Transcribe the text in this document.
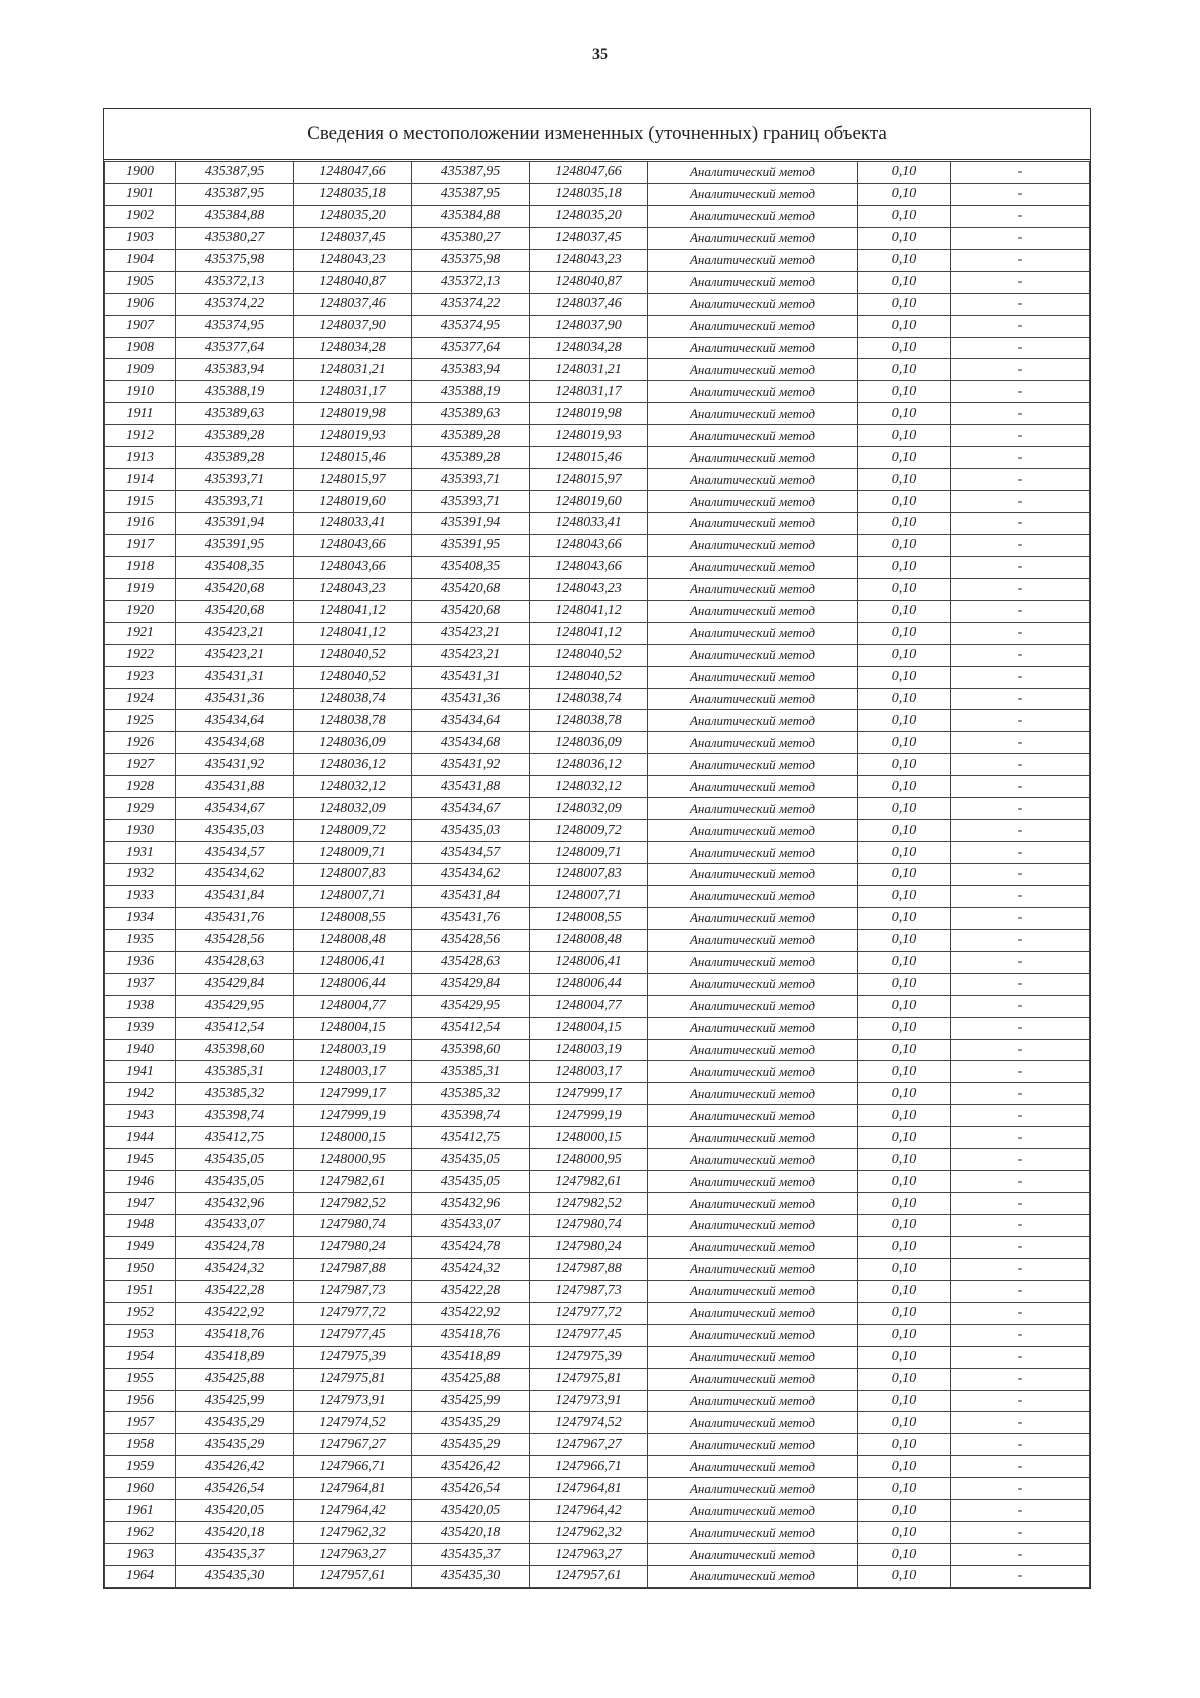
35
Сведения о местоположении измененных (уточненных) границ объекта
1900	435387,95	1248047,66	435387,95	1248047,66	Аналитический метод	0,10	-
1901	435387,95	1248035,18	435387,95	1248035,18	Аналитический метод	0,10	-
1902	435384,88	1248035,20	435384,88	1248035,20	Аналитический метод	0,10	-
1903	435380,27	1248037,45	435380,27	1248037,45	Аналитический метод	0,10	-
1904	435375,98	1248043,23	435375,98	1248043,23	Аналитический метод	0,10	-
1905	435372,13	1248040,87	435372,13	1248040,87	Аналитический метод	0,10	-
1906	435374,22	1248037,46	435374,22	1248037,46	Аналитический метод	0,10	-
1907	435374,95	1248037,90	435374,95	1248037,90	Аналитический метод	0,10	-
1908	435377,64	1248034,28	435377,64	1248034,28	Аналитический метод	0,10	-
1909	435383,94	1248031,21	435383,94	1248031,21	Аналитический метод	0,10	-
1910	435388,19	1248031,17	435388,19	1248031,17	Аналитический метод	0,10	-
1911	435389,63	1248019,98	435389,63	1248019,98	Аналитический метод	0,10	-
1912	435389,28	1248019,93	435389,28	1248019,93	Аналитический метод	0,10	-
1913	435389,28	1248015,46	435389,28	1248015,46	Аналитический метод	0,10	-
1914	435393,71	1248015,97	435393,71	1248015,97	Аналитический метод	0,10	-
1915	435393,71	1248019,60	435393,71	1248019,60	Аналитический метод	0,10	-
1916	435391,94	1248033,41	435391,94	1248033,41	Аналитический метод	0,10	-
1917	435391,95	1248043,66	435391,95	1248043,66	Аналитический метод	0,10	-
1918	435408,35	1248043,66	435408,35	1248043,66	Аналитический метод	0,10	-
1919	435420,68	1248043,23	435420,68	1248043,23	Аналитический метод	0,10	-
1920	435420,68	1248041,12	435420,68	1248041,12	Аналитический метод	0,10	-
1921	435423,21	1248041,12	435423,21	1248041,12	Аналитический метод	0,10	-
1922	435423,21	1248040,52	435423,21	1248040,52	Аналитический метод	0,10	-
1923	435431,31	1248040,52	435431,31	1248040,52	Аналитический метод	0,10	-
1924	435431,36	1248038,74	435431,36	1248038,74	Аналитический метод	0,10	-
1925	435434,64	1248038,78	435434,64	1248038,78	Аналитический метод	0,10	-
1926	435434,68	1248036,09	435434,68	1248036,09	Аналитический метод	0,10	-
1927	435431,92	1248036,12	435431,92	1248036,12	Аналитический метод	0,10	-
1928	435431,88	1248032,12	435431,88	1248032,12	Аналитический метод	0,10	-
1929	435434,67	1248032,09	435434,67	1248032,09	Аналитический метод	0,10	-
1930	435435,03	1248009,72	435435,03	1248009,72	Аналитический метод	0,10	-
1931	435434,57	1248009,71	435434,57	1248009,71	Аналитический метод	0,10	-
1932	435434,62	1248007,83	435434,62	1248007,83	Аналитический метод	0,10	-
1933	435431,84	1248007,71	435431,84	1248007,71	Аналитический метод	0,10	-
1934	435431,76	1248008,55	435431,76	1248008,55	Аналитический метод	0,10	-
1935	435428,56	1248008,48	435428,56	1248008,48	Аналитический метод	0,10	-
1936	435428,63	1248006,41	435428,63	1248006,41	Аналитический метод	0,10	-
1937	435429,84	1248006,44	435429,84	1248006,44	Аналитический метод	0,10	-
1938	435429,95	1248004,77	435429,95	1248004,77	Аналитический метод	0,10	-
1939	435412,54	1248004,15	435412,54	1248004,15	Аналитический метод	0,10	-
1940	435398,60	1248003,19	435398,60	1248003,19	Аналитический метод	0,10	-
1941	435385,31	1248003,17	435385,31	1248003,17	Аналитический метод	0,10	-
1942	435385,32	1247999,17	435385,32	1247999,17	Аналитический метод	0,10	-
1943	435398,74	1247999,19	435398,74	1247999,19	Аналитический метод	0,10	-
1944	435412,75	1248000,15	435412,75	1248000,15	Аналитический метод	0,10	-
1945	435435,05	1248000,95	435435,05	1248000,95	Аналитический метод	0,10	-
1946	435435,05	1247982,61	435435,05	1247982,61	Аналитический метод	0,10	-
1947	435432,96	1247982,52	435432,96	1247982,52	Аналитический метод	0,10	-
1948	435433,07	1247980,74	435433,07	1247980,74	Аналитический метод	0,10	-
1949	435424,78	1247980,24	435424,78	1247980,24	Аналитический метод	0,10	-
1950	435424,32	1247987,88	435424,32	1247987,88	Аналитический метод	0,10	-
1951	435422,28	1247987,73	435422,28	1247987,73	Аналитический метод	0,10	-
1952	435422,92	1247977,72	435422,92	1247977,72	Аналитический метод	0,10	-
1953	435418,76	1247977,45	435418,76	1247977,45	Аналитический метод	0,10	-
1954	435418,89	1247975,39	435418,89	1247975,39	Аналитический метод	0,10	-
1955	435425,88	1247975,81	435425,88	1247975,81	Аналитический метод	0,10	-
1956	435425,99	1247973,91	435425,99	1247973,91	Аналитический метод	0,10	-
1957	435435,29	1247974,52	435435,29	1247974,52	Аналитический метод	0,10	-
1958	435435,29	1247967,27	435435,29	1247967,27	Аналитический метод	0,10	-
1959	435426,42	1247966,71	435426,42	1247966,71	Аналитический метод	0,10	-
1960	435426,54	1247964,81	435426,54	1247964,81	Аналитический метод	0,10	-
1961	435420,05	1247964,42	435420,05	1247964,42	Аналитический метод	0,10	-
1962	435420,18	1247962,32	435420,18	1247962,32	Аналитический метод	0,10	-
1963	435435,37	1247963,27	435435,37	1247963,27	Аналитический метод	0,10	-
1964	435435,30	1247957,61	435435,30	1247957,61	Аналитический метод	0,10	-
